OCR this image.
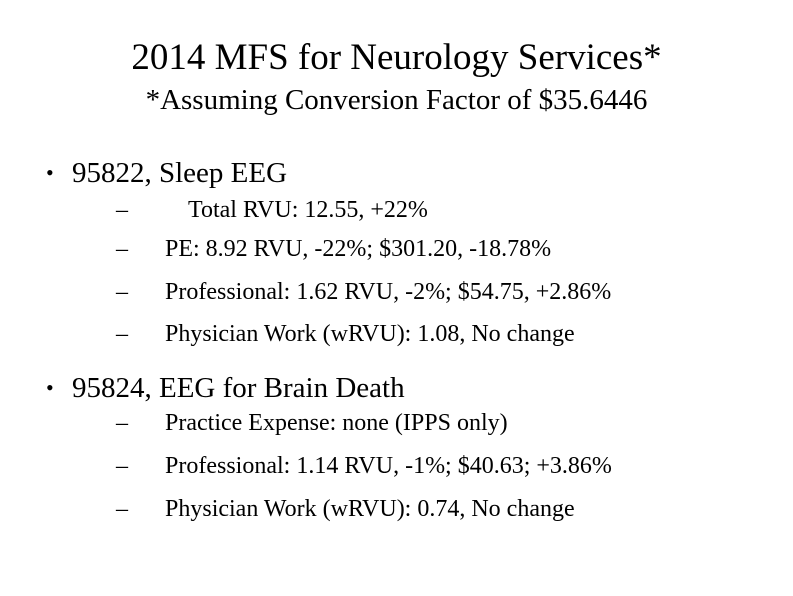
2014 MFS for Neurology Services*
*Assuming Conversion Factor of $35.6446
• 95822, Sleep EEG
–	Total RVU: 12.55, +22%
– PE: 8.92 RVU, -22%; $301.20, -18.78%
– Professional: 1.62 RVU, -2%; $54.75, +2.86%
– Physician Work (wRVU): 1.08, No change
• 95824, EEG for Brain Death
– Practice Expense: none (IPPS only)
– Professional: 1.14 RVU, -1%; $40.63; +3.86%
– Physician Work (wRVU): 0.74, No change
